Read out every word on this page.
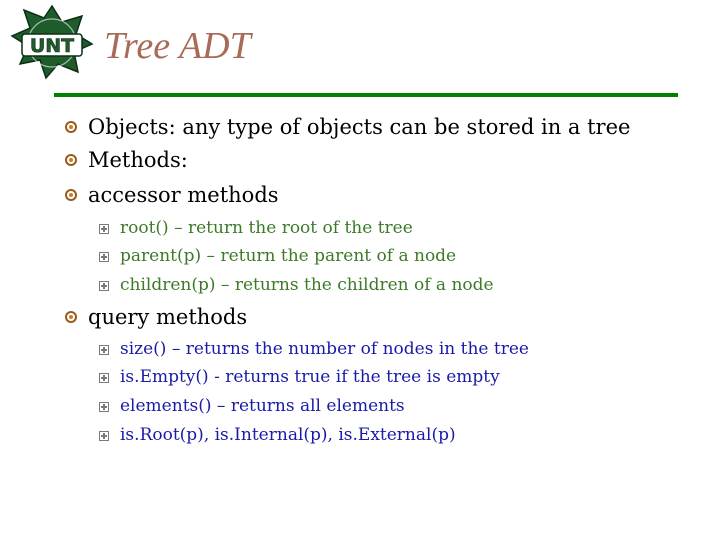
UNT Tree ADT
Objects: any type of objects can be stored in a tree
Methods:
accessor methods
root() – return the root of the tree
parent(p) – return the parent of a node
children(p) – returns the children of a node
query methods
size() – returns the number of nodes in the tree
is.Empty() - returns true if the tree is empty
elements() – returns all elements
is.Root(p), is.Internal(p), is.External(p)
